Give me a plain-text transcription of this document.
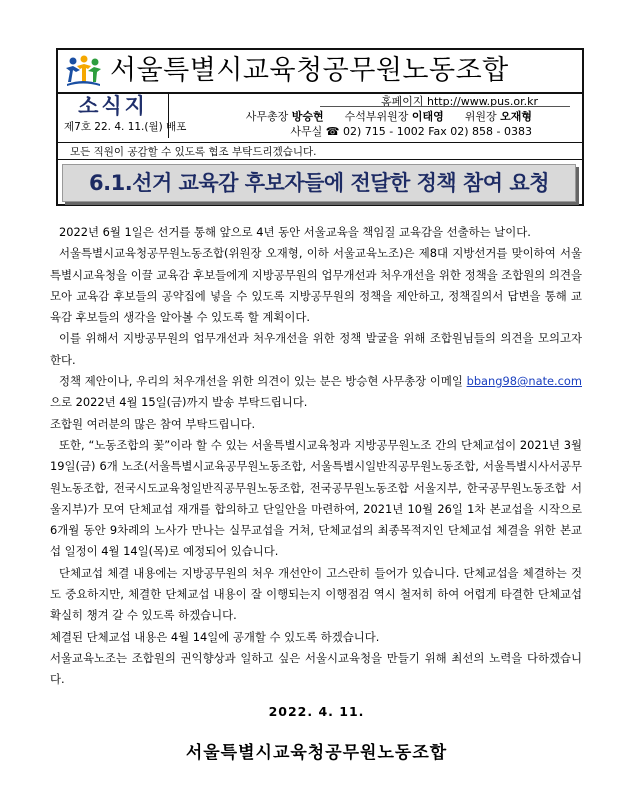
서울특별시교육청공무원노동조합
소식지
제7호 22. 4. 11.(월) 배포
홈페이지 http://www.pus.or.kr
사무총장 방승현 수석부위원장 이태영 위원장 오재형
사무실 ☎ 02) 715 - 1002 Fax 02) 858 - 0383
모든 직원이 공감할 수 있도록 협조 부탁드리겠습니다.
6.1.선거 교육감 후보자들에 전달한 정책 참여 요청

2022년 6월 1일은 선거를 통해 앞으로 4년 동안 서울교육을 책임질 교육감을 선출하는 날이다.

서울특별시교육청공무원노동조합(위원장 오재형, 이하 서울교육노조)은 제8대 지방선거를 맞이하여 서울특별시교육청을 이끌 교육감 후보들에게 지방공무원의 업무개선과 처우개선을 위한 정책을 조합원의 의견을 모아 교육감 후보들의 공약집에 넣을 수 있도록 지방공무원의 정책을 제안하고, 정책질의서 답변을 통해 교육감 후보들의 생각을 알아볼 수 있도록 할 계획이다.

이를 위해서 지방공무원의 업무개선과 처우개선을 위한 정책 발굴을 위해 조합원님들의 의견을 모의고자 한다.

정책 제안이나, 우리의 처우개선을 위한 의견이 있는 분은 방승현 사무총장 이메일 bbang98@nate.com 으로 2022년 4월 15일(금)까지 발송 부탁드립니다.

조합원 여러분의 많은 참여 부탁드립니다.

또한, “노동조합의 꽃”이라 할 수 있는 서울특별시교육청과 지방공무원노조 간의 단체교섭이 2021년 3월 19일(금) 6개 노조(서울특별시교육공무원노동조합, 서울특별시일반직공무원노동조합, 서울특별시사서공무원노동조합, 전국시도교육청일반직공무원노동조합, 전국공무원노동조합 서울지부, 한국공무원노동조합 서울지부)가 모여 단체교섭 재개를 합의하고 단일안을 마련하여, 2021년 10월 26일 1차 본교섭을 시작으로 6개월 동안 9차례의 노사가 만나는 실무교섭을 거쳐, 단체교섭의 최종목적지인 단체교섭 체결을 위한 본교섭 일정이 4월 14일(목)로 예정되어 있습니다.

단체교섭 체결 내용에는 지방공무원의 처우 개선안이 고스란히 들어가 있습니다. 단체교섭을 체결하는 것도 중요하지만, 체결한 단체교섭 내용이 잘 이행되는지 이행점검 역시 철저히 하여 어렵게 타결한 단체교섭 확실히 챙겨 갈 수 있도록 하겠습니다.

체결된 단체교섭 내용은 4월 14일에 공개할 수 있도록 하겠습니다.

서울교육노조는 조합원의 권익향상과 일하고 싶은 서울시교육청을 만들기 위해 최선의 노력을 다하겠습니다.

2022. 4. 11.
서울특별시교육청공무원노동조합
